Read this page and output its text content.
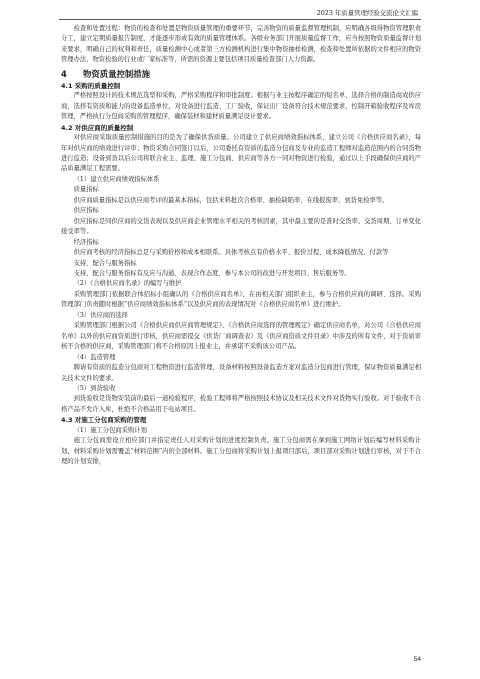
2023 年质量管理经验交流论文汇编

检查和处置过程：物资的检查和处置是物资质量管理的重要环节，完善物资的质量监督管理机制，应明确各级得物资管理职责分工，建立定期质量报告制度，才能逐步形成有效的质量管理体系。各级业务部门开展质量监督工作，应当按照物资质量监督计划来要求，明确自己的权利和责任，质量检测中心或者第三方检测机构进行集中物资抽样检测，检查和处置所依据的文件相应的物资管理办法、物资检验的行业或厂家标准等，所需的资源主要包括项目质量检查部门人力资源。

4 物资质量控制措施
4.1 采购的质量控制

严格按照设计的技术规范选型和采购，严格采购程序和审批制度；根据与业主按程序确定的短名单，选择合格的制造商或供应商，选择有资质和能力的设备监造单位，对设备进行监造、工厂验收，保证出厂设备符合技术规范要求，控制开箱验收程序及库房管理，严格执行分包商采购的管理程序，确保装材和建材质量满足设计要求。

4.2 对供应商的质量控制

对供应商采取质量控制措施的目的是为了确保供货质量。公司建立了供应商绩效指标体系，建立公司《合格供应商名录》，每年对供应商的绩效进行评审；物资采购合同签订以后，公司委托有资质的监造分包商及专业的监造工程师对监造范围内的合同货物进行监造；设备到货以后公司将联合业主、监理、施工分包商、供应商等各方一同对物资进行检验，通过以上手段确保供应商的产品质量满足工程需要。

（1）建立供应商绩效指标体系

质量指标

供应商质量指标是以供应商考评的最基本指标，包括来料批次合格率、抽检缺陷率、在线报废率、到货免检率等。

供应指标

供应指标是同供应商的交货表现以及供应商企业管理水平相关的考核因素，其中最主要的是准时交货率、交货周期、订单变化接受率等。

经济指标

供应商考核的经济指标总是与采购价格和成本相联系。具体考核点有价格水平、报价过程、成本降低情况、付款等

支持、配合与服务指标

支持、配合与服务指标有反应与沟通、表现合作态度、参与本公司的改进与开发项目、售后服务等。

（2）《合格供应商名录》的编写与维护

采购管理部门依据联合体招标小组确认的《合格供应商名单》，在由相关部门组织业主，参与合格供应商的调研、选择。采购管理部门负责随时根据“供应商绩效指标体系”以及供应商的表现情况对《合格供应商名单》进行维护。

（3）供应商的选择

采购管理部门根据公司《合格供应商供应商管理规定》、《合格供应商选择的管理规定》确定供应商名单，对公司《合格供应商名单》以外的供应商资质进行审核，供应商需提交《供货厂商调查表》及《供应商资质文件目录》中涉及的所有文件，对于资质审核不合格的供应商，采购管理部门将不合格原因上报业主，并承诺不采购该公司产品。

（4）监造管理

聘请有资质的监造分包商对工程物资进行监造管理，设备材料按照设备监造方案对监造分包商进行管理，保证物资质量满足相关技术文件的要求。

（5）到货验收

到货验收是货物安装前的最后一道检验程序，检验工程师将严格按照技术协议及相关技术文件对货物实行验收。对于验收不合格产品不允许入库，杜绝不合格品用于电站项目。

4.3 对施工分包商采购的管理

（1）施工分包商采购计划

施工分包商需设立相应部门并指定责任人对采购计划的进度控制负责。施工分包商需在拿到施工网络计划后编写材料采购计划，材料采购计划需覆盖“材料范围”内的全部材料。施工分包商将采购计划上报项目部后，项目部对采购计划进行审核，对于不合理的计划安排，

54
